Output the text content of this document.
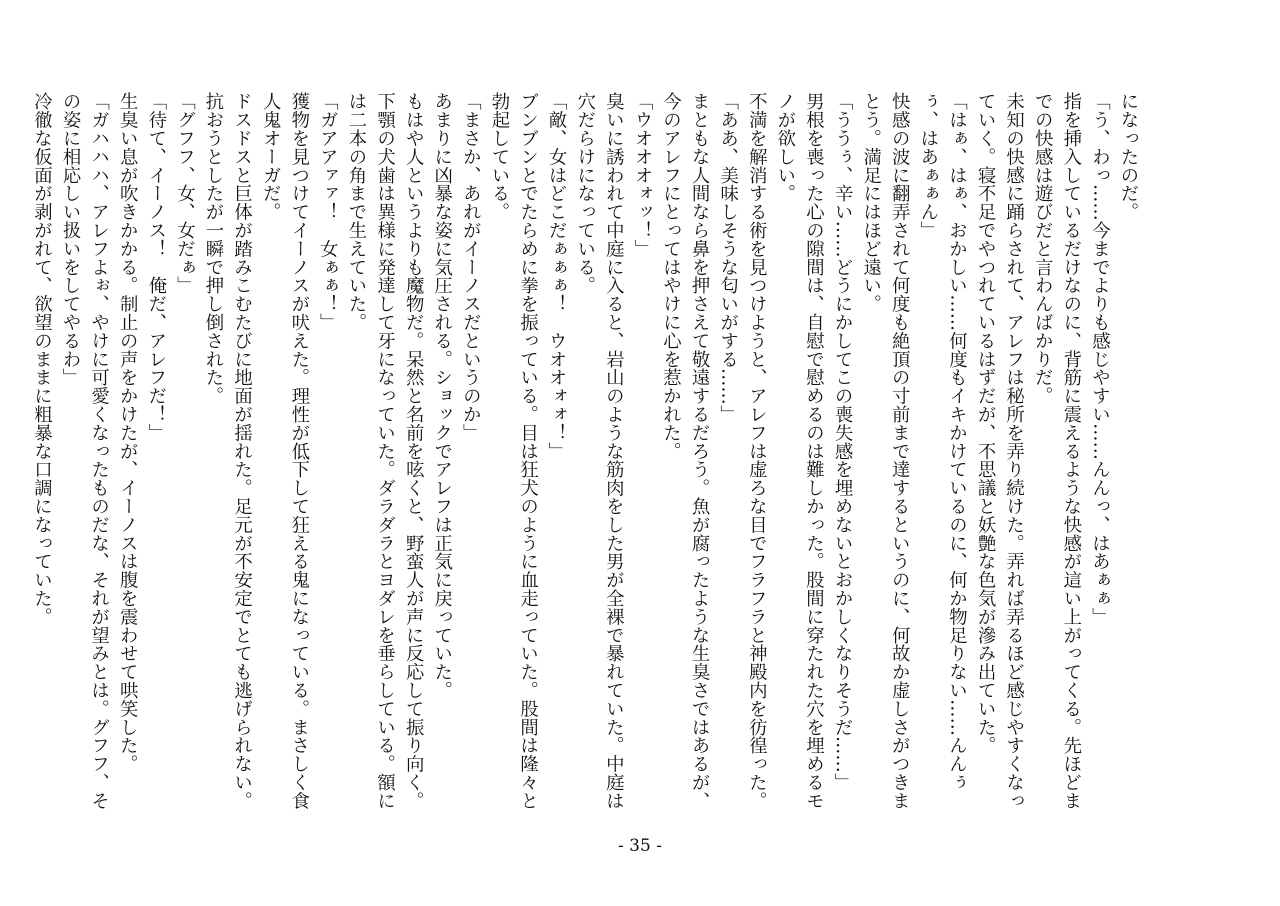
になったのだ。

「う、わっ……今までよりも感じやすい……んんっ、はあぁぁ」

指を挿入しているだけなのに、背筋に震えるような快感が這い上がってくる。先ほどまでの快感は遊びだと言わんばかりだ。

未知の快感に踊らされて、アレフは秘所を弄り続けた。弄れば弄るほど感じやすくなっていく。寝不足でやつれているはずだが、不思議と妖艶な色気が滲み出ていた。

「はぁ、はぁ、おかしい……何度もイキかけているのに、何か物足りない……んんぅぅ、はあぁぁん」

快感の波に翻弄されて何度も絶頂の寸前まで達するというのに、何故か虚しさがつきまとう。満足にはほど遠い。

「ううぅ、辛い……どうにかしてこの喪失感を埋めないとおかしくなりそうだ……」

男根を喪った心の隙間は、自慰で慰めるのは難しかった。股間に穿たれた穴を埋めるモノが欲しい。

不満を解消する術を見つけようと、アレフは虚ろな目でフラフラと神殿内を彷徨った。

「ああ、美味しそうな匂いがする……」

まともな人間なら鼻を押さえて敬遠するだろう。魚が腐ったような生臭さではあるが、今のアレフにとってはやけに心を惹かれた。

「ウオオオォッ！」

臭いに誘われて中庭に入ると、岩山のような筋肉をした男が全裸で暴れていた。中庭は穴だらけになっている。

「敵、女はどこだぁぁぁ！　ウオオォォ！」

ブンブンとでたらめに拳を振っている。目は狂犬のように血走っていた。股間は隆々と勃起している。

「まさか、あれがイーノスだというのか」

あまりに凶暴な姿に気圧される。ショックでアレフは正気に戻っていた。

もはや人というよりも魔物だ。呆然と名前を呟くと、野蛮人が声に反応して振り向く。下顎の犬歯は異様に発達して牙になっていた。ダラダラとヨダレを垂らしている。額には二本の角まで生えていた。

「ガアアァァ！　女ぁぁ！」

獲物を見つけてイーノスが吠えた。理性が低下して狂える鬼になっている。まさしく食人鬼オーガだ。

ドスドスと巨体が踏みこむたびに地面が揺れた。足元が不安定でとても逃げられない。抗おうとしたが一瞬で押し倒された。

「グフフ、女、女だぁ」

「待て、イーノス！　俺だ、アレフだ！」

生臭い息が吹きかかる。制止の声をかけたが、イーノスは腹を震わせて哄笑した。

「ガハハハ、アレフよぉ、やけに可愛くなったものだな、それが望みとは。グフフ、その姿に相応しい扱いをしてやるわ」

冷徹な仮面が剥がれて、欲望のままに粗暴な口調になっていた。

- 35 -
